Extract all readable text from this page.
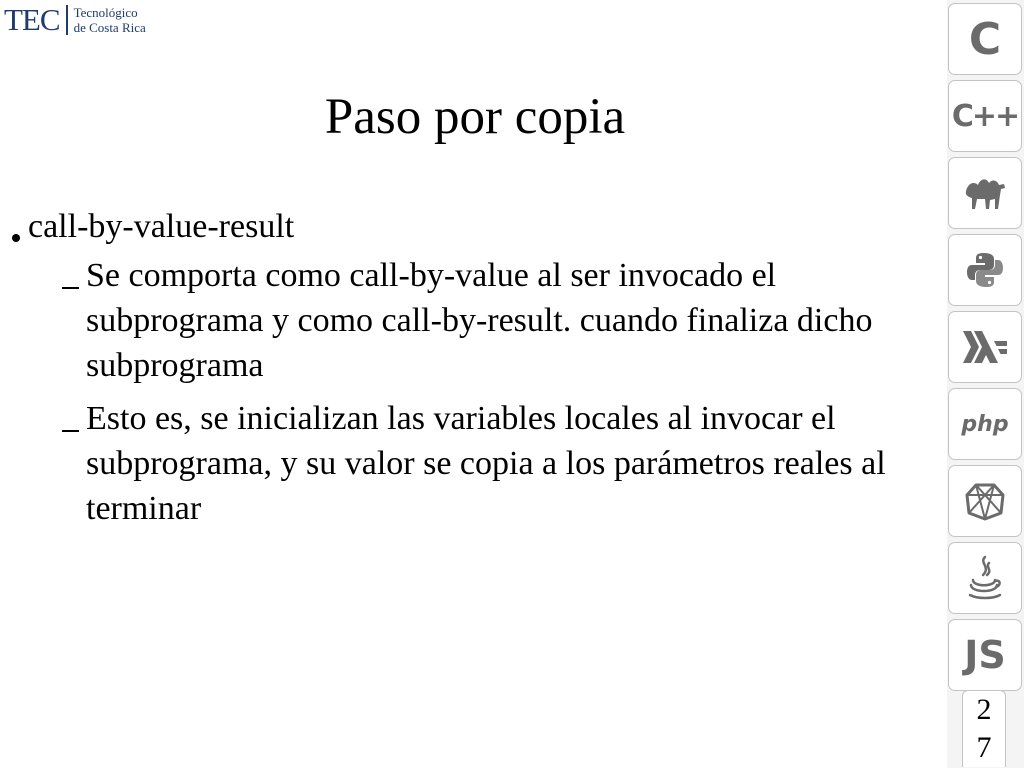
TEC Tecnológico
de Costa Rica
Paso por copia
call-by-value-result
Se comporta como call-by-value al ser invocado el subprograma y como call-by-result. cuando finaliza dicho subprograma
Esto es, se inicializan las variables locales al invocar el subprograma, y su valor se copia a los parámetros reales al terminar
C
C++
php
JS
2
7
